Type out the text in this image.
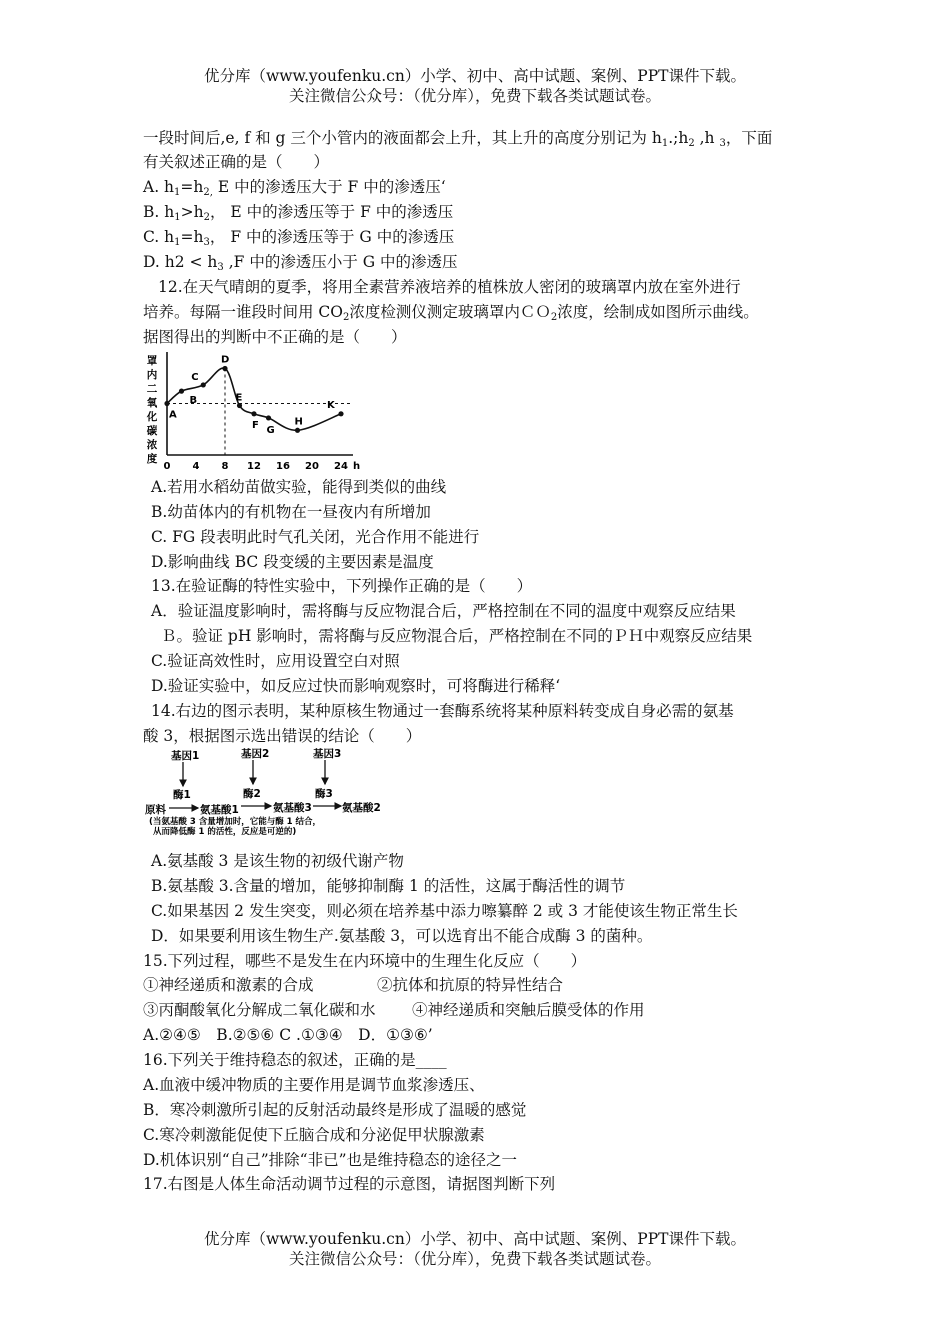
优分库（www.youfenku.cn）小学、初中、高中试题、案例、PPT课件下载。
关注微信公众号：（优分库），免费下载各类试题试卷。
一段时间后,e, f 和 g 三个小管内的液面都会上升，其上升的高度分别记为 $h_1.;h_2$ ,h $_3$，下面
有关叙述正确的是（　　）
A. $h_1=h_{2,}$ E 中的渗透压大于 F 中的渗透压‘
B. $h_1>h_2$， E 中的渗透压等于 F 中的渗透压
C. $h_1=h_3$， F 中的渗透压等于 G 中的渗透压
D. $h2 < h_3$ ,F 中的渗透压小于 G 中的渗透压
12.在天气晴朗的夏季，将用全素营养液培养的植株放人密闭的玻璃罩内放在室外进行
培养。每隔一谁段时间用 $CO_2$浓度检测仪测定玻璃罩内ＣＯ$_2$浓度，绘制成如图所示曲线。
据图得出的判断中不正确的是（　　）
罩
内
二
氧
化
碳
浓
度
A
B
C
D
E
F G
H
K
0 4 8 12 16 20 24 h
A.若用水稻幼苗做实验，能得到类似的曲线
B.幼苗体内的有机物在一昼夜内有所增加
C. FG 段表明此时气孔关闭，光合作用不能进行
D.影响曲线 BC 段变缓的主要因素是温度
13.在验证酶的特性实验中，下列操作正确的是（　　）
A．验证温度影响时，需将酶与反应物混合后，严格控制在不同的温度中观察反应结果
Ｂ。验证 pH 影响时，需将酶与反应物混合后，严格控制在不同的ＰＨ中观察反应结果
C.验证高效性时，应用设置空白对照
D.验证实验中，如反应过快而影响观察时，可将酶进行稀释‘
14.右边的图示表明，某种原核生物通过一套酶系统将某种原料转变成自身必需的氨基
酸 3，根据图示选出错误的结论（　　）
基因1	基因2	基因3
酶1	酶2	酶3
原料	氨基酸1	氨基酸3	氨基酸2
(当氨基酸 3 含量增加时，它能与酶 1 结合，
从而降低酶 1 的活性，反应是可逆的)
A.氨基酸 3 是该生物的初级代谢产物
B.氨基酸 3.含量的增加，能够抑制酶 1 的活性，这属于酶活性的调节
C.如果基因 2 发生突变，则必须在培养基中添力嚓纂醉 2 或 3 才能使该生物正常生长
D．如果要利用该生物生产.氨基酸 3，可以选育出不能合成酶 3 的菌种。
15.下列过程，哪些不是发生在内环境中的生理生化反应（　　）
①神经递质和激素的合成	②抗体和抗原的特异性结合
③丙酮酸氧化分解成二氧化碳和水 ④神经递质和突触后膜受体的作用
A.②④⑤　B.②⑤⑥ C .①③④　D．①③⑥’
16.下列关于维持稳态的叙述，正确的是____
A.血液中缓冲物质的主要作用是调节血浆渗透压、
B．寒冷刺激所引起的反射活动最终是形成了温暖的感觉
C.寒冷刺激能促使下丘脑合成和分泌促甲状腺激素
D.机体识别“自己”排除“非已”也是维持稳态的途径之一
17.右图是人体生命活动调节过程的示意图，请据图判断下列
优分库（www.youfenku.cn）小学、初中、高中试题、案例、PPT课件下载。
关注微信公众号：（优分库），免费下载各类试题试卷。
